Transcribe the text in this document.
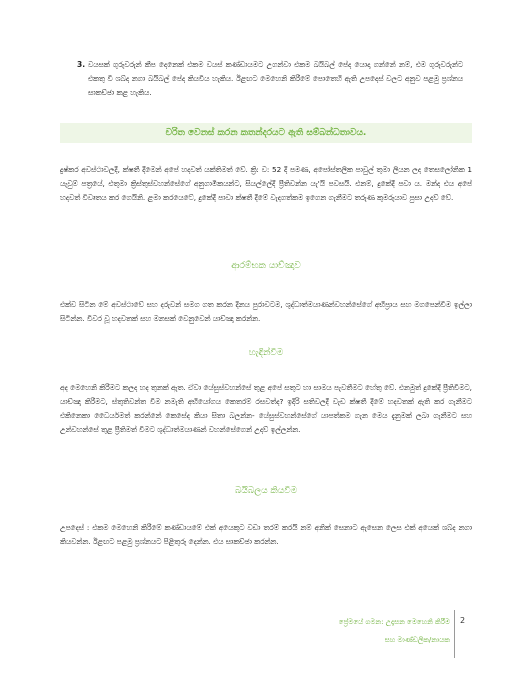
3. වයසක් ගුරුවරුන් කීප දෙනෙක් එකම වයස් කණ්ඩායමට උගන්වා එකම බයිබල් පේද යොදා ගන්නේ නම්, එම ගුරුවරුන්ට එකතු වී ශබ්ද නගා බයිබල් පේද කියවිය හැකිය. ඊළඟට මෙහෙනි කිරීමේ පොතෙහි ඇති උපදෙස් වලට අනුව පළමු ප්‍රශ්නය සාකච්ඡා කළ හැකිය.

චරිත වෙනස් කරන කතන්දරයට ඇති සම්බන්ධතාවය.

දුෂ්කර අවස්ථාවලදී, ක්ෂතී දීමෙන් අපේ හදවත් යක්තිමත් වේ. ක්‍රි: ව: 52 දී පමණ, අපෝස්තලික පාවුල් තුමා ලියන ලද තෙසලෝනික 1 යැවුම් පත්‍රයේ, එතුමා ක්‍රිස්තුස්වහන්සේගේ අනුගාමිකයන්ට, සියල්ලේදී ප්‍රීතිවන්න යැ'යි පවසයි. එනම්, දුකේදී පවා ය. මන්ද එය අපේ හදවත් විවෘතය කර ගෙයිනි. ළමා කරයෙටේ, දුකේදී පාවා ක්ෂතී දීමේ වැදගත්කම ඉගෙන ගැනීමට තරුණ කුමරුයාව පුසා උදව් වේ.

ආරම්භක යාච්ඤාව

එක්ව සිටින මේ අවස්ථාවේ සහ දරුවන් සමග ගත කරන දිනය පුරාවටම, ශුද්ධාත්මයාණන්වහන්සේගේ අභිප්‍රාය සහ මගපෙන්වීම ඉල්ලා සිටින්න. විවර වූ හදවතක් සහ මනසක් වෙනුවෙන් යාච්ඤා කරන්න.

හැඳින්වීම

අද මෙහෙනි කිරීමට කලද හද තුනක් ඇත. ඒවා යේසුස්වහන්සේ තුළ අපේ සතුට හා සාමය පැවතීමට හේතු වේ. එනමුත් දුකේදී ප්‍රීතිවීමට, යාච්ඤා කිරීමට, ස්තුතිවන්ත වීම නමැති අභියෝගය කෙතරම් රසවත්ද? ඉදිරි සතිවලදී වැඩ ක්ෂතී දීමේ හදවතක් ඇති කර ගැනීමට එකිනෙකා ධෛර්යමත් කරන්නේ කෙසේද කියා සිතා බලන්න- යේසුස්වහන්සේගේ යාපත්කම ගැන මෙය දැනුමක් ලබා ගැනීමට සහ උන්වහන්සේ තුළ ප්‍රීතිමත් වීමට ශුද්ධාත්මයාණන් වහන්සේගෙන් උදව් ඉල්ලන්න.

බයිබලය කියවීම

උපදෙස් : එකම මෙහෙනි කිරීමේ කණ්ඩායමේ එක් අයෙකුට වඩා තරම් කරයි නම් අනික් සෙනාට ඇසෙන ලෙස එක් අයෙක් ශබ්ද නගා කියවන්න. ඊළඟට පළමු ප්‍රශ්නයට පිළිතුරු දෙන්න. එය සාකච්ඡා කරන්න.

ප්‍රේමයේ ගමන: උදෑසන මෙහෙනි කිරීම

සහ මාණ්ඩලික/නායක

2
